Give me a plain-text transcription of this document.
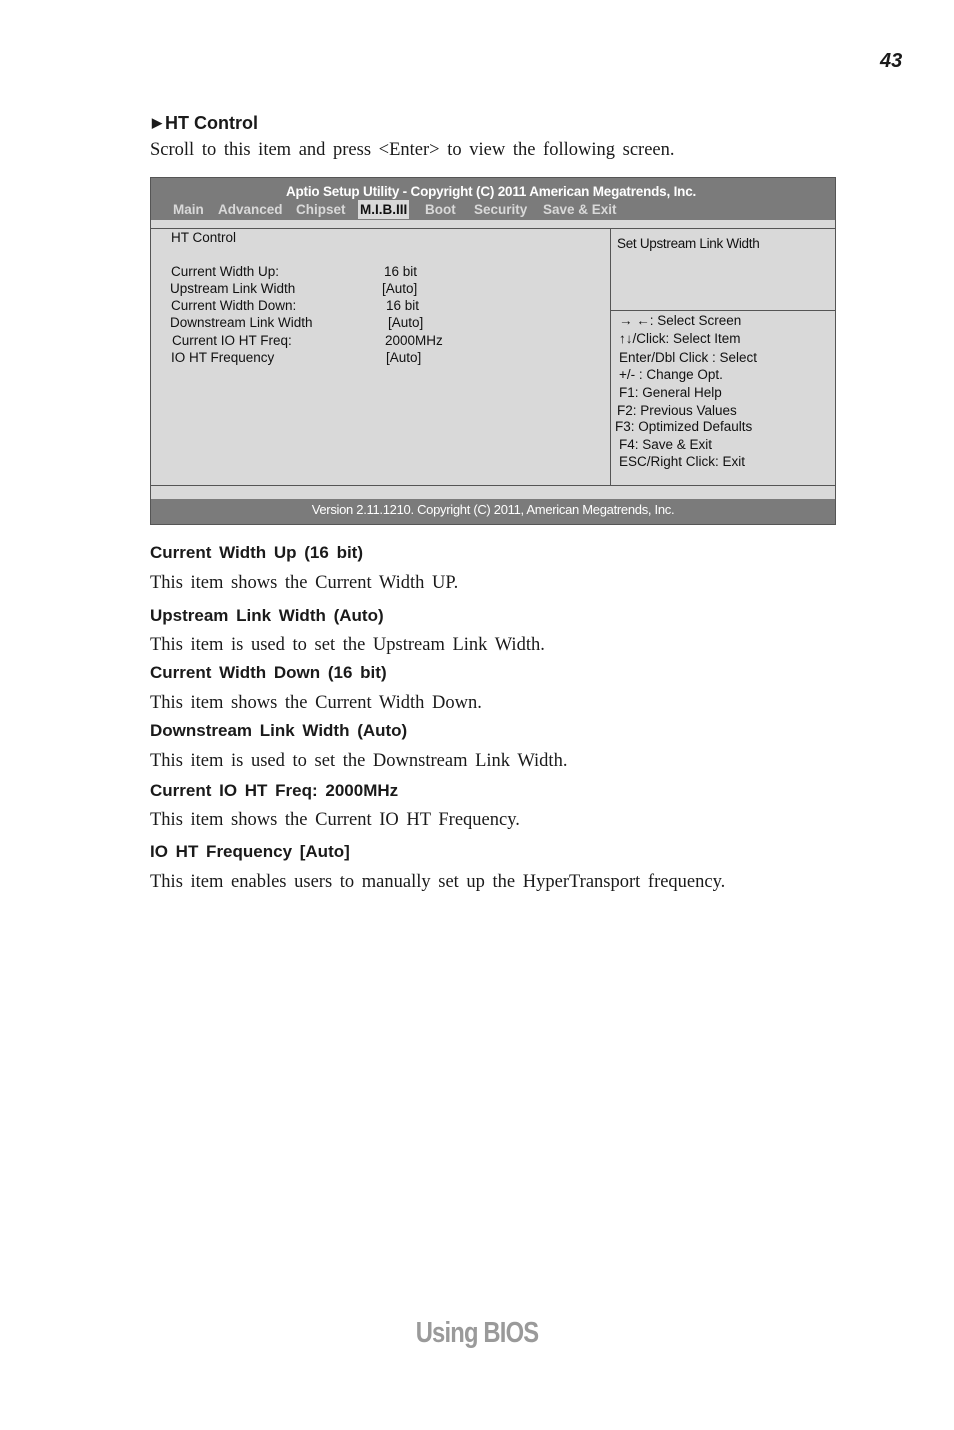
43
▶ HT Control
Scroll to this item and press <Enter> to view the following screen.
Aptio Setup Utility - Copyright (C) 2011 American Megatrends, Inc.
Main Advanced Chipset M.I.B.III Boot Security Save & Exit
HT Control
Current Width Up:	16 bit
Upstream Link Width	[Auto]
Current Width Down:	16 bit
Downstream Link Width	[Auto]
Current IO HT Freq:	2000MHz
IO HT Frequency	[Auto]
Set Upstream Link Width
→ ←: Select Screen
↑↓/Click: Select Item
Enter/Dbl Click : Select
+/- : Change Opt.
F1: General Help
F2: Previous Values
F3: Optimized Defaults
F4: Save & Exit
ESC/Right Click: Exit
Version 2.11.1210. Copyright (C) 2011, American Megatrends, Inc.
Current Width Up (16 bit)
This item shows the Current Width UP.
Upstream Link Width (Auto)
This item is used to set the Upstream Link Width.
Current Width Down (16 bit)
This item shows the Current Width Down.
Downstream Link Width (Auto)
This item is used to set the Downstream Link Width.
Current IO HT Freq: 2000MHz
This item shows the Current IO HT Frequency.
IO HT Frequency [Auto]
This item enables users to manually set up the HyperTransport frequency.
Using BIOS
